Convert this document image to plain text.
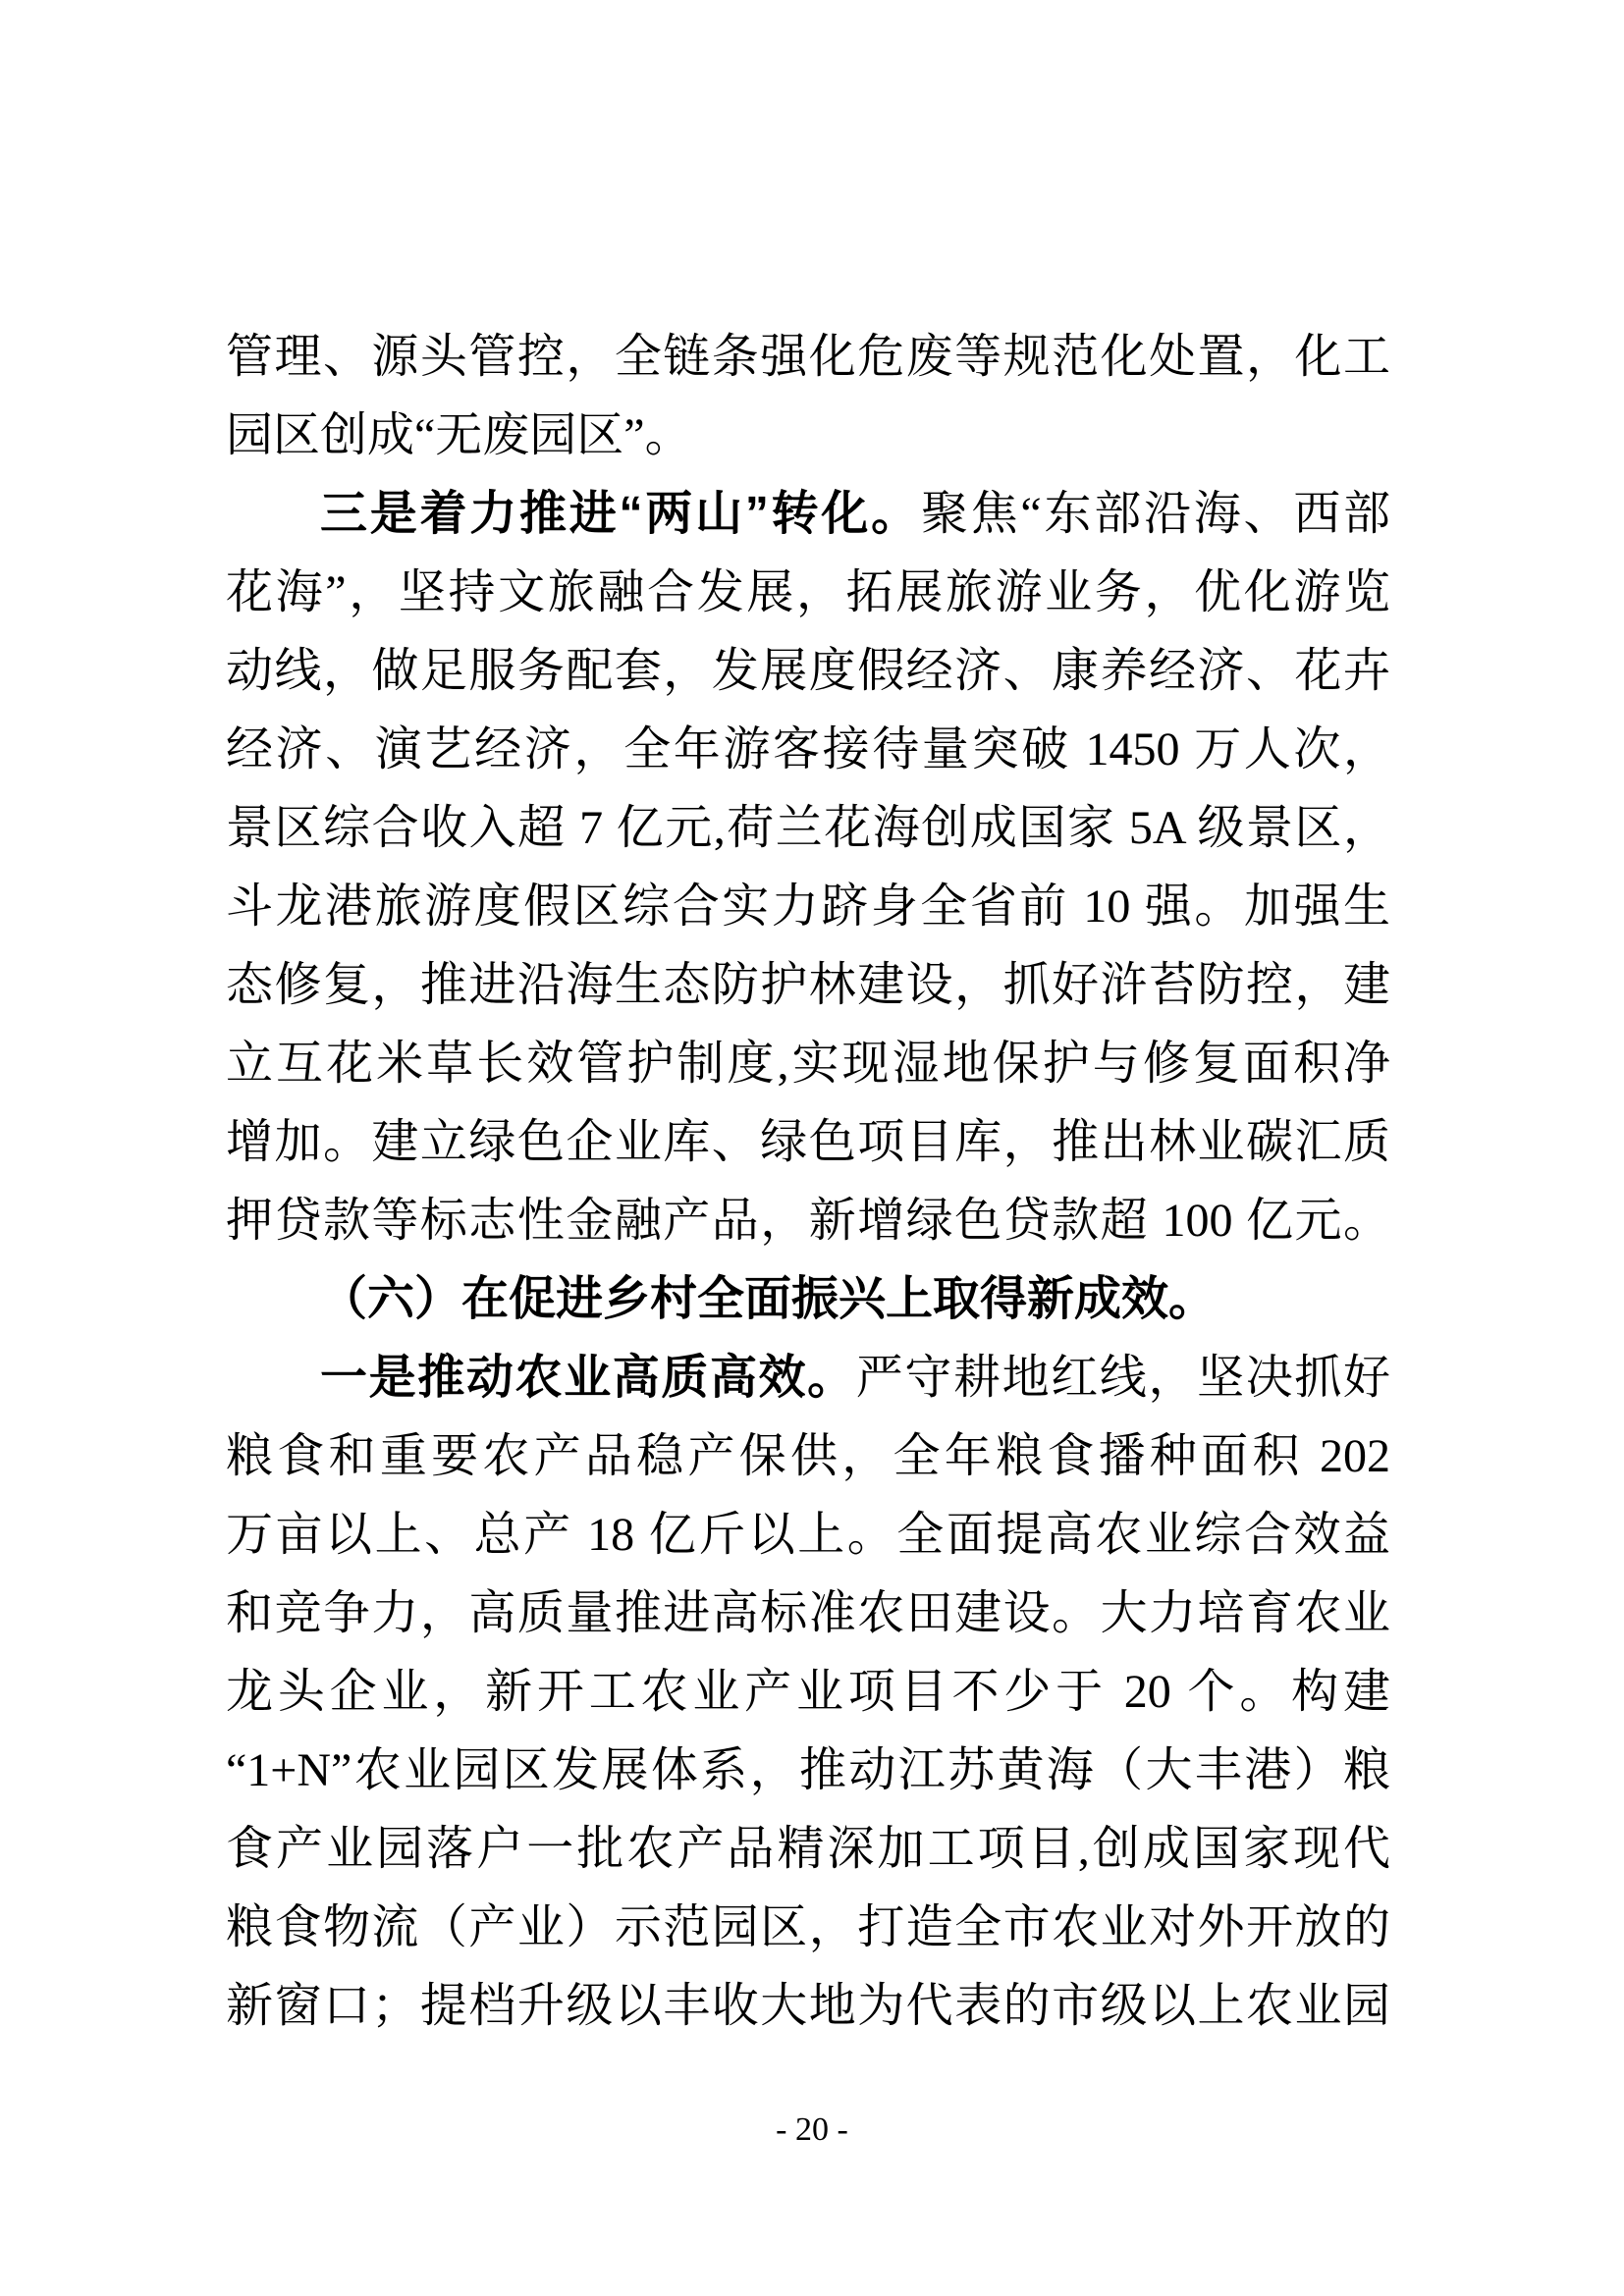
管理、源头管控，全链条强化危废等规范化处置，化工
园区创成“无废园区”。
三是着力推进“两山”转化。聚焦“东部沿海、西部
花海”，坚持文旅融合发展，拓展旅游业务，优化游览
动线，做足服务配套，发展度假经济、康养经济、花卉
经济、演艺经济，全年游客接待量突破 1450 万人次，
景区综合收入超 7 亿元,荷兰花海创成国家 5A 级景区，
斗龙港旅游度假区综合实力跻身全省前 10 强。加强生
态修复，推进沿海生态防护林建设，抓好浒苔防控，建
立互花米草长效管护制度,实现湿地保护与修复面积净
增加。建立绿色企业库、绿色项目库，推出林业碳汇质
押贷款等标志性金融产品，新增绿色贷款超 100 亿元。
（六）在促进乡村全面振兴上取得新成效。
一是推动农业高质高效。严守耕地红线，坚决抓好
粮食和重要农产品稳产保供，全年粮食播种面积 202
万亩以上、总产 18 亿斤以上。全面提高农业综合效益
和竞争力，高质量推进高标准农田建设。大力培育农业
龙头企业，新开工农业产业项目不少于 20 个。构建
“1+N”农业园区发展体系，推动江苏黄海（大丰港）粮
食产业园落户一批农产品精深加工项目,创成国家现代
粮食物流（产业）示范园区，打造全市农业对外开放的
新窗口；提档升级以丰收大地为代表的市级以上农业园
- 20 -
